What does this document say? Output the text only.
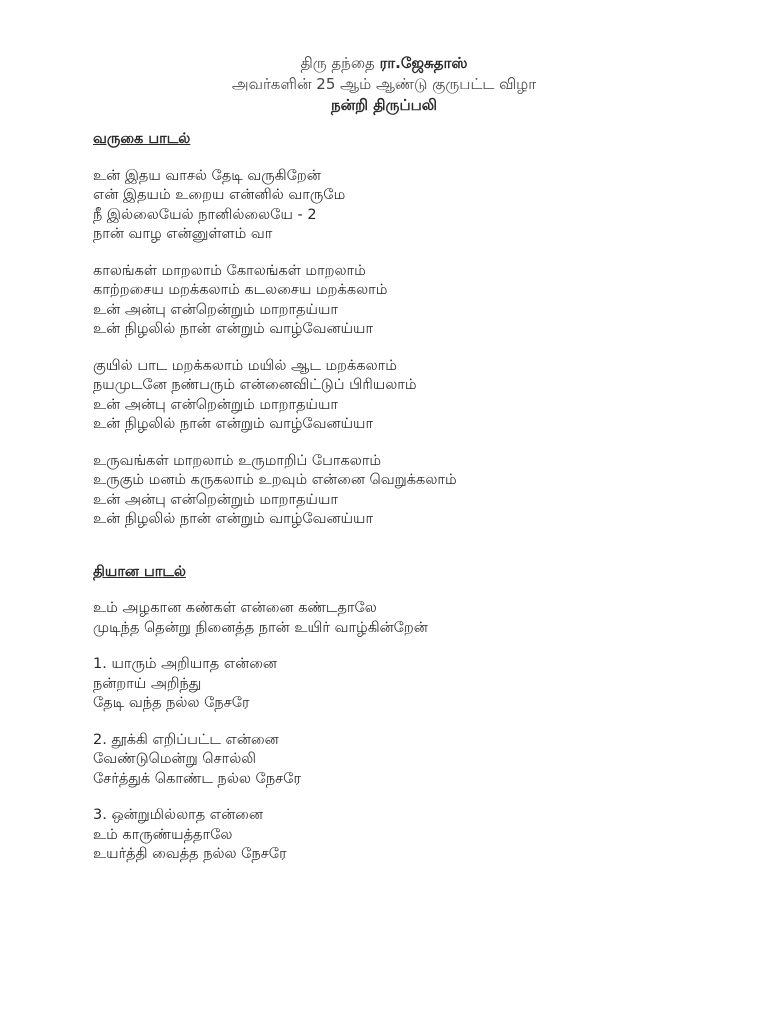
திரு தந்தை ரா.ஜேசுதாஸ்
அவர்களின் 25 ஆம் ஆண்டு குருபட்ட விழா
நன்றி திருப்பலி
வருகை பாடல்
உன் இதய வாசல் தேடி வருகிறேன்
என் இதயம் உறைய என்னில் வாருமே
நீ இல்லையேல் நானில்லையே - 2
நான் வாழ என்னுள்ளம் வா
காலங்கள் மாறலாம் கோலங்கள் மாறலாம்
காற்றசைய மறக்கலாம் கடலசைய மறக்கலாம்
உன் அன்பு என்றென்றும் மாறாதய்யா
உன் நிழலில் நான் என்றும் வாழ்வேனய்யா
குயில் பாட மறக்கலாம் மயில் ஆட மறக்கலாம்
நயமுடனே நண்பரும் என்னைவிட்டுப் பிரியலாம்
உன் அன்பு என்றென்றும் மாறாதய்யா
உன் நிழலில் நான் என்றும் வாழ்வேனய்யா
உருவங்கள் மாறலாம் உருமாறிப் போகலாம்
உருகும் மனம் கருகலாம் உறவும் என்னை வெறுக்கலாம்
உன் அன்பு என்றென்றும் மாறாதய்யா
உன் நிழலில் நான் என்றும் வாழ்வேனய்யா
தியான பாடல்
உம் அழகான கண்கள் என்னை கண்டதாலே
முடிந்த தென்று நினைத்த நான் உயிர் வாழ்கின்றேன்
1. யாரும் அறியாத என்னை
நன்றாய் அறிந்து
தேடி வந்த நல்ல நேசரே
2. தூக்கி எறிப்பட்ட என்னை
வேண்டுமென்று சொல்லி
சேர்த்துக் கொண்ட நல்ல நேசரே
3. ஒன்றுமில்லாத என்னை
உம் காருண்யத்தாலே
உயர்த்தி வைத்த நல்ல நேசரே
